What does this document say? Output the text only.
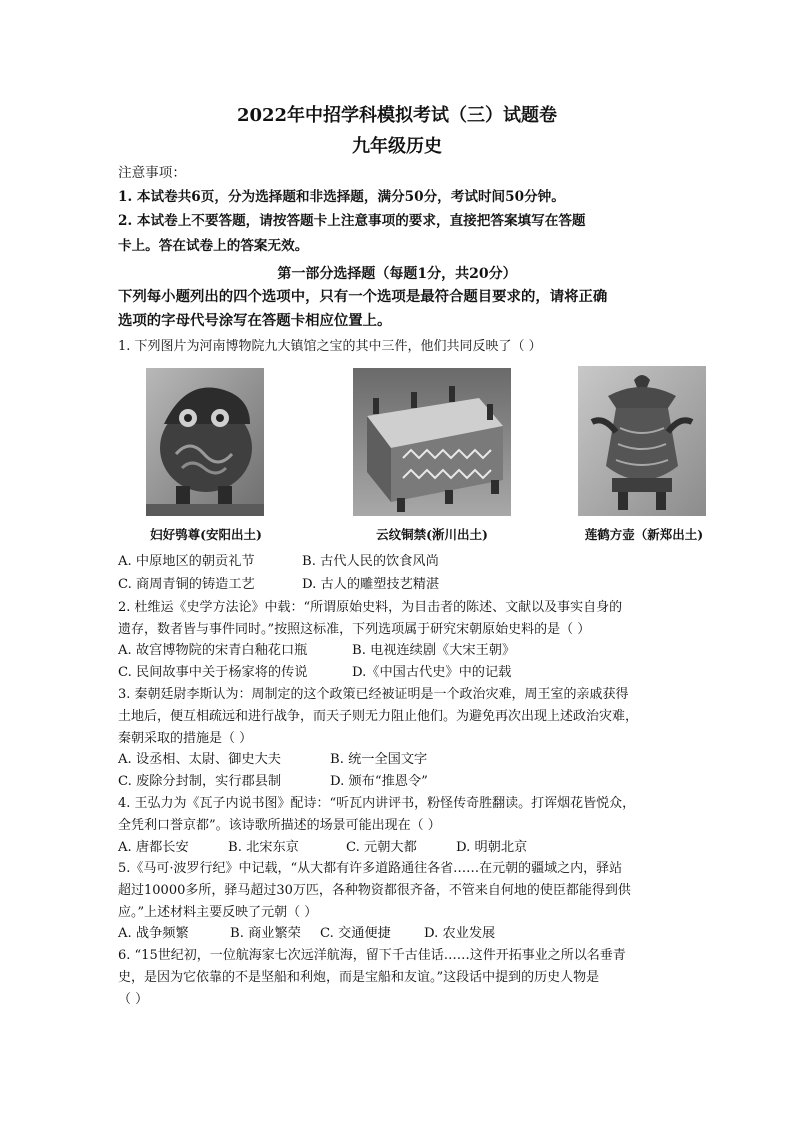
2022年中招学科模拟考试（三）试题卷
九年级历史
注意事项：
1. 本试卷共6页，分为选择题和非选择题，满分50分，考试时间50分钟。
2. 本试卷上不要答题，请按答题卡上注意事项的要求，直接把答案填写在答题
卡上。答在试卷上的答案无效。
第一部分选择题（每题1分，共20分）
下列每小题列出的四个选项中，只有一个选项是最符合题目要求的，请将正确
选项的字母代号涂写在答题卡相应位置上。
1. 下列图片为河南博物院九大镇馆之宝的其中三件，他们共同反映了（ ）
妇好鸮尊(安阳出土)	云纹铜禁(淅川出土)	莲鹤方壶（新郑出土)
A. 中原地区的朝贡礼节	B. 古代人民的饮食风尚
C. 商周青铜的铸造工艺	D. 古人的雕塑技艺精湛
2. 杜维运《史学方法论》中载：“所谓原始史料，为目击者的陈述、文献以及事实自身的
遗存，数者皆与事件同时。”按照这标准，下列选项属于研究宋朝原始史料的是（ ）
A. 故宫博物院的宋青白釉花口瓶	B. 电视连续剧《大宋王朝》
C. 民间故事中关于杨家将的传说	D.《中国古代史》中的记载
3. 秦朝廷尉李斯认为：周制定的这个政策已经被证明是一个政治灾难，周王室的亲戚获得
土地后，便互相疏远和进行战争，而天子则无力阻止他们。为避免再次出现上述政治灾难，
秦朝采取的措施是（ ）
A. 设丞相、太尉、御史大夫	B. 统一全国文字
C. 废除分封制，实行郡县制	D. 颁布“推恩令”
4. 王弘力为《瓦子内说书图》配诗：“听瓦内讲评书，粉怪传奇胜翻读。打诨烟花皆悦众，
全凭利口誉京都”。该诗歌所描述的场景可能出现在（ ）
A. 唐都长安	B. 北宋东京	C. 元朝大都	D. 明朝北京
5.《马可·波罗行纪》中记载，“从大都有许多道路通往各省……在元朝的疆域之内，驿站
超过10000多所，驿马超过30万匹，各种物资都很齐备，不管来自何地的使臣都能得到供
应。”上述材料主要反映了元朝（ ）
A. 战争频繁	B. 商业繁荣 C. 交通便捷	D. 农业发展
6. “15世纪初，一位航海家七次远洋航海，留下千古佳话……这件开拓事业之所以名垂青
史，是因为它依靠的不是坚船和利炮，而是宝船和友谊。”这段话中提到的历史人物是
（ ）
